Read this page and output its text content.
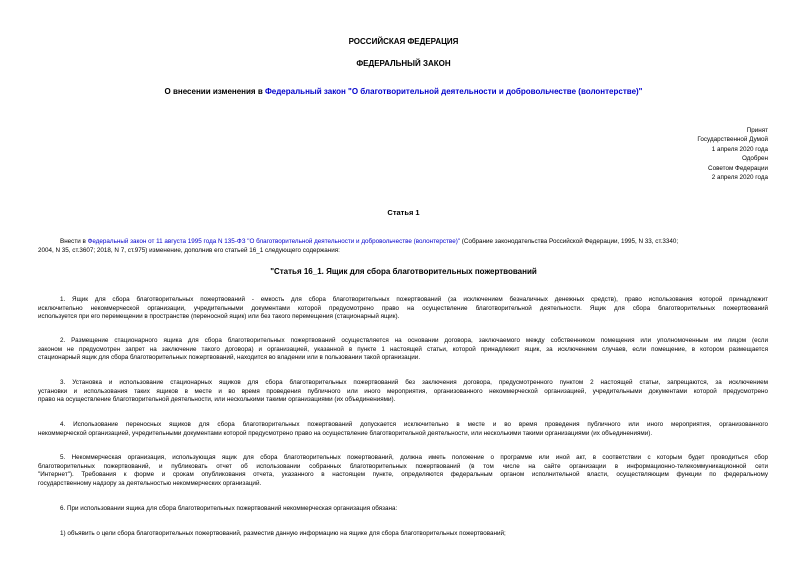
РОССИЙСКАЯ ФЕДЕРАЦИЯ
ФЕДЕРАЛЬНЫЙ ЗАКОН
О внесении изменения в Федеральный закон "О благотворительной деятельности и добровольчестве (волонтерстве)"
Принят
Государственной Думой
1 апреля 2020 года
Одобрен
Советом Федерации
2 апреля 2020 года
Статья 1
Внести в Федеральный закон от 11 августа 1995 года N 135-ФЗ "О благотворительной деятельности и добровольчестве (волонтерстве)" (Собрание законодательства Российской Федерации, 1995, N 33, ст.3340;
2004, N 35, ст.3607; 2018, N 7, ст.975) изменение, дополнив его статьей 16_1 следующего содержания:
"Статья 16_1. Ящик для сбора благотворительных пожертвований
1. Ящик для сбора благотворительных пожертвований - емкость для сбора благотворительных пожертвований (за исключением безналичных денежных средств), право использования которой принадлежит
исключительно некоммерческой организации, учредительными документами которой предусмотрено право на осуществление благотворительной деятельности. Ящик для сбора благотворительных пожертвований
используется при его перемещении в пространстве (переносной ящик) или без такого перемещения (стационарный ящик).
2. Размещение стационарного ящика для сбора благотворительных пожертвований осуществляется на основании договора, заключаемого между собственником помещения или уполномоченным им лицом (если
законом не предусмотрен запрет на заключение такого договора) и организацией, указанной в пункте 1 настоящей статьи, которой принадлежит ящик, за исключением случаев, если помещение, в котором размещается
стационарный ящик для сбора благотворительных пожертвований, находится во владении или в пользовании такой организации.
3. Установка и использование стационарных ящиков для сбора благотворительных пожертвований без заключения договора, предусмотренного пунктом 2 настоящей статьи, запрещаются, за исключением
установки и использования таких ящиков в месте и во время проведения публичного или иного мероприятия, организованного некоммерческой организацией, учредительными документами которой предусмотрено
право на осуществление благотворительной деятельности, или несколькими такими организациями (их объединениями).
4. Использование переносных ящиков для сбора благотворительных пожертвований допускается исключительно в месте и во время проведения публичного или иного мероприятия, организованного
некоммерческой организацией, учредительными документами которой предусмотрено право на осуществление благотворительной деятельности, или несколькими такими организациями (их объединениями).
5. Некоммерческая организация, использующая ящик для сбора благотворительных пожертвований, должна иметь положение о программе или иной акт, в соответствии с которым будет проводиться сбор
благотворительных пожертвований, и публиковать отчет об использовании собранных благотворительных пожертвований (в том числе на сайте организации в информационно-телекоммуникационной сети
"Интернет"). Требования к форме и срокам опубликования отчета, указанного в настоящем пункте, определяются федеральным органом исполнительной власти, осуществляющим функции по федеральному
государственному надзору за деятельностью некоммерческих организаций.
6. При использовании ящика для сбора благотворительных пожертвований некоммерческая организация обязана:
1) объявить о цели сбора благотворительных пожертвований, разместив данную информацию на ящике для сбора благотворительных пожертвований;
